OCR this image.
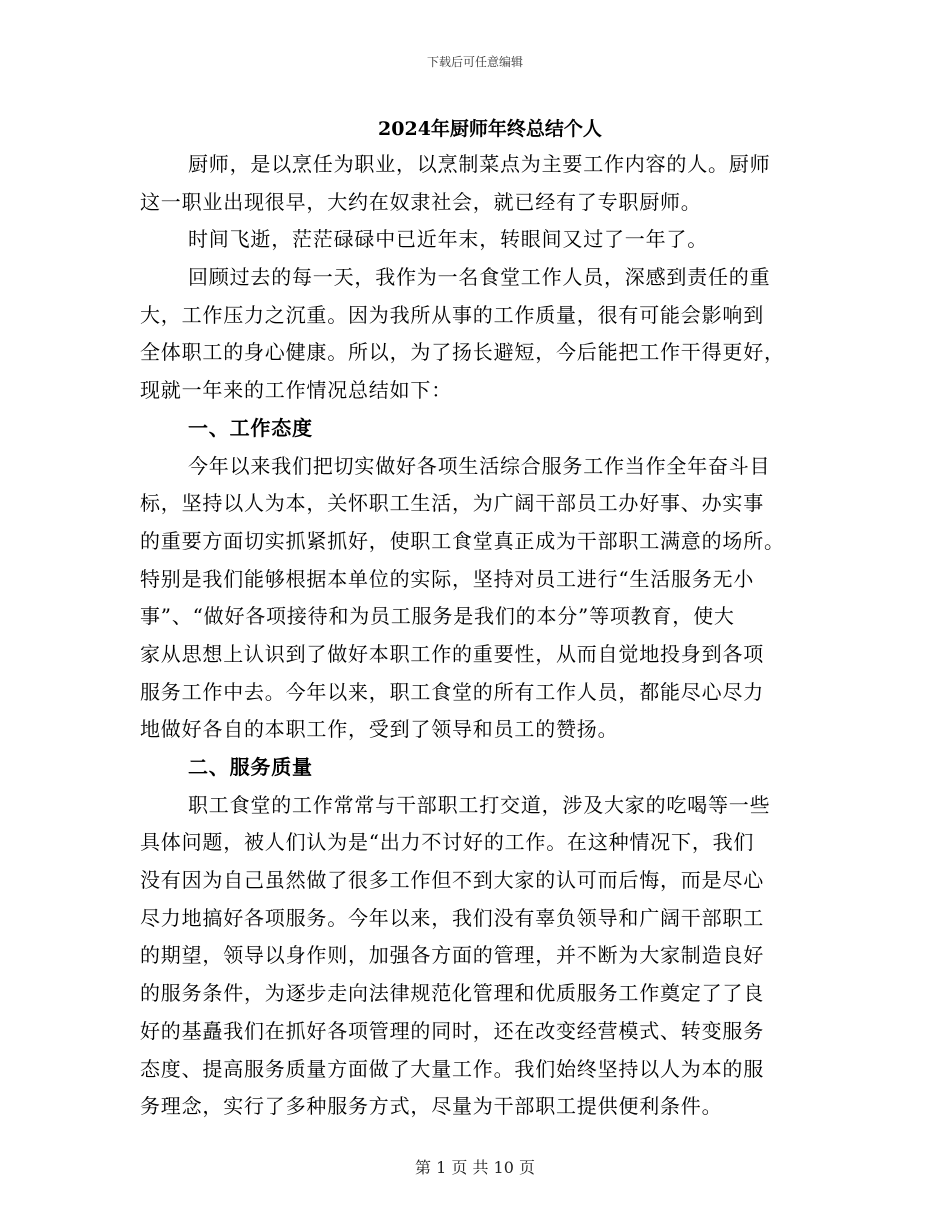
下载后可任意编辑
2024年厨师年终总结个人
厨师，是以烹任为职业，以烹制菜点为主要工作内容的人。厨师
这一职业出现很早，大约在奴隶社会，就已经有了专职厨师。
时间飞逝，茫茫碌碌中已近年末，转眼间又过了一年了。
回顾过去的每一天，我作为一名食堂工作人员，深感到责任的重
大，工作压力之沉重。因为我所从事的工作质量，很有可能会影响到
全体职工的身心健康。所以，为了扬长避短，今后能把工作干得更好，
现就一年来的工作情况总结如下：
一、工作态度
今年以来我们把切实做好各项生活综合服务工作当作全年奋斗目
标，坚持以人为本，关怀职工生活，为广阔干部员工办好事、办实事
的重要方面切实抓紧抓好，使职工食堂真正成为干部职工满意的场所。
特别是我们能够根据本单位的实际，坚持对员工进行“生活服务无小
事”、“做好各项接待和为员工服务是我们的本分”等项教育，使大
家从思想上认识到了做好本职工作的重要性，从而自觉地投身到各项
服务工作中去。今年以来，职工食堂的所有工作人员，都能尽心尽力
地做好各自的本职工作，受到了领导和员工的赞扬。
二、服务质量
职工食堂的工作常常与干部职工打交道，涉及大家的吃喝等一些
具体问题，被人们认为是“出力不讨好的工作。在这种情况下，我们
没有因为自己虽然做了很多工作但不到大家的认可而后悔，而是尽心
尽力地搞好各项服务。今年以来，我们没有辜负领导和广阔干部职工
的期望，领导以身作则，加强各方面的管理，并不断为大家制造良好
的服务条件，为逐步走向法律规范化管理和优质服务工作奠定了了良
好的基矗我们在抓好各项管理的同时，还在改变经营模式、转变服务
态度、提高服务质量方面做了大量工作。我们始终坚持以人为本的服
务理念，实行了多种服务方式，尽量为干部职工提供便利条件。
第 1 页 共 10 页
